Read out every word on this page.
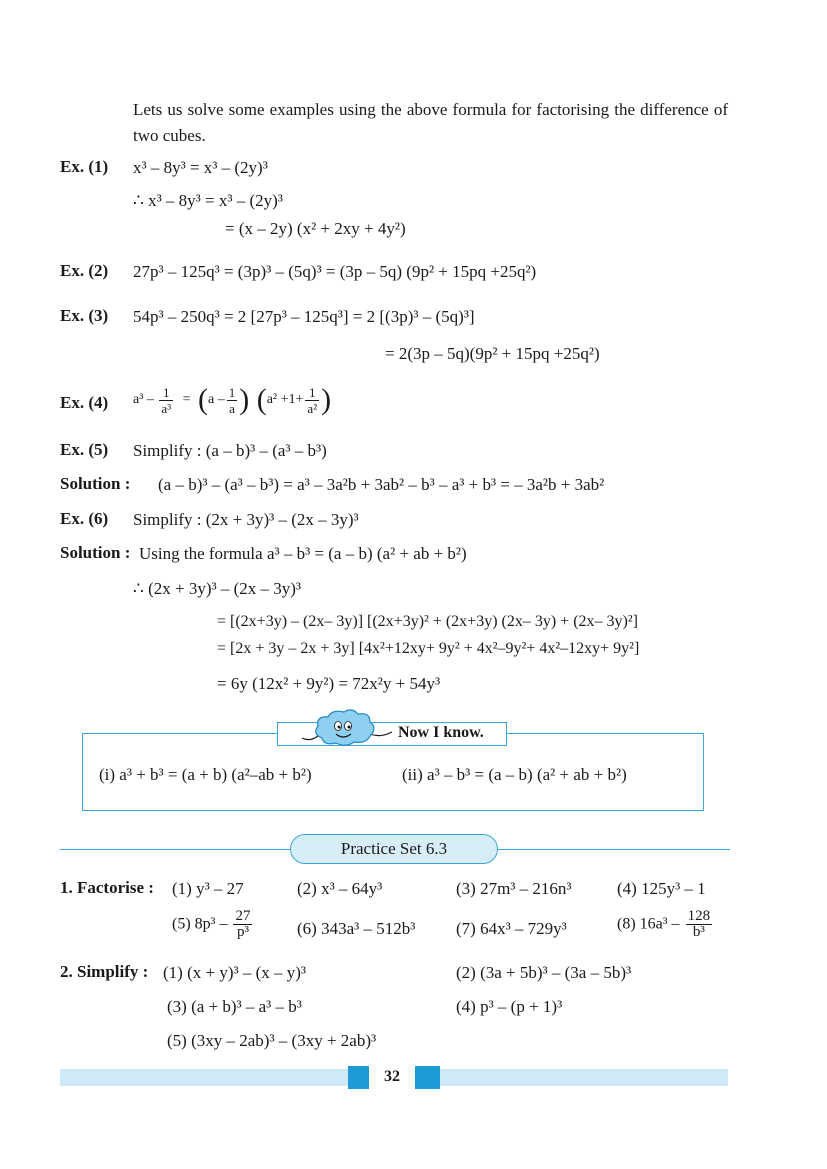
Lets us solve some examples using the above formula for factorising the difference of two cubes.
Ex. (1) x³ – 8y³ = x³ – (2y)³
∴ x³ – 8y³ = x³ – (2y)³
= (x – 2y) (x² + 2xy + 4y²)
Ex. (2) 27p³ – 125q³ = (3p)³ – (5q)³ = (3p – 5q) (9p² + 15pq +25q²)
Ex. (3) 54p³ – 250q³ = 2 [27p³ – 125q³] = 2 [(3p)³ – (5q)³]
= 2(3p – 5q)(9p² + 15pq +25q²)
Ex. (4) $a^3 - \frac{1}{\text{a³}} = (a - \frac{1}{a}$ ) ($a^2 +1+ \frac{1}{\text{a²}}$ )
Ex. (5) Simplify : (a – b)³ – (a³ – b³)
Solution : (a – b)³ – (a³ – b³) = a³ – 3a²b + 3ab² – b³ – a³ + b³ = – 3a²b + 3ab²
Ex. (6) Simplify : (2x + 3y)³ – (2x – 3y)³
Solution : Using the formula a³ – b³ = (a – b) (a² + ab + b²)
∴ (2x + 3y)³ – (2x – 3y)³
= [(2x+3y) – (2x– 3y)] [(2x+3y)² + (2x+3y) (2x– 3y) + (2x– 3y)²]
= [2x + 3y – 2x + 3y] [4x²+12xy+ 9y² + 4x²–9y²+ 4x²–12xy+ 9y²]
= 6y (12x² + 9y²) = 72x²y + 54y³
Now I know.
(i) a³ + b³ = (a + b) (a²–ab + b²)	(ii) a³ – b³ = (a – b) (a² + ab + b²)
Practice Set 6.3
1. Factorise : (1) y³ – 27	(2) x³ – 64y³	(3) 27m³ – 216n³	(4) 125y³ – 1
(5) $8p^3 - \frac{27}{\text{p³}}$	(6) 343a³ – 512b³ (7) 64x³ – 729y³	(8) $16a^3 - \frac{128}{\text{b³}}$
2. Simplify : (1) (x + y)³ – (x – y)³	(2) (3a + 5b)³ – (3a – 5b)³
(3) (a + b)³ – a³ – b³	(4) p³ – (p + 1)³
(5) (3xy – 2ab)³ – (3xy + 2ab)³
32
